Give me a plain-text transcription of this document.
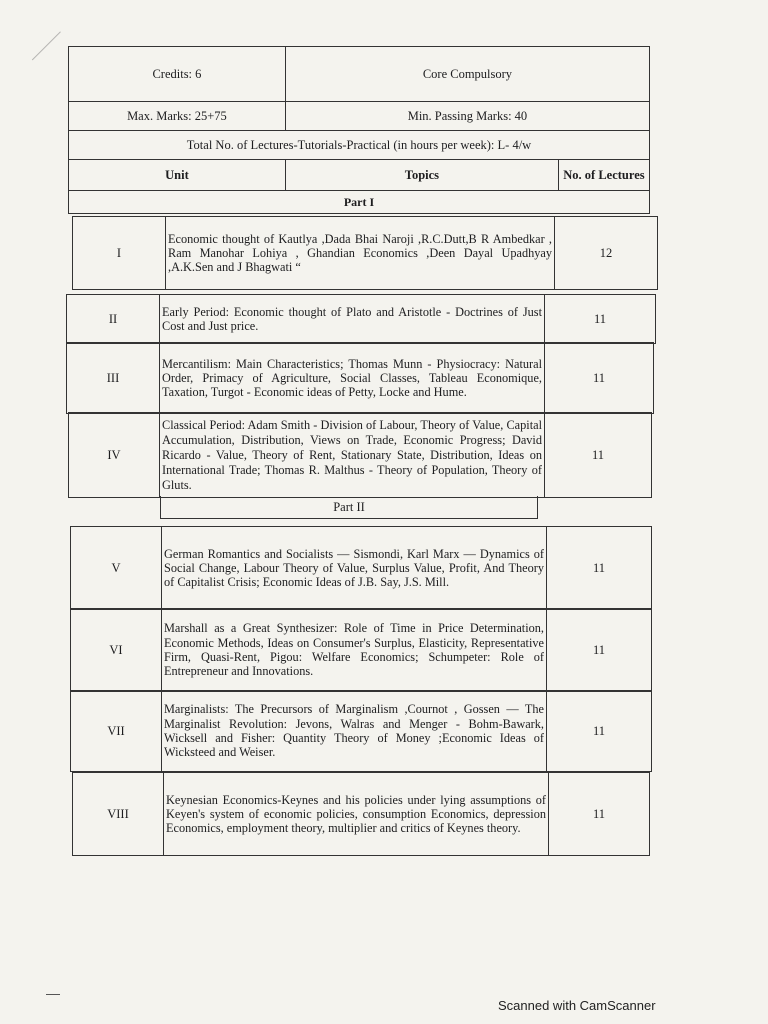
Credits: 6	Core Compulsory	
Max. Marks: 25+75	Min. Passing Marks: 40	
Total No. of Lectures-Tutorials-Practical (in hours per week): L- 4/w		
Unit	Topics	No. of Lectures
Part I		
I	Economic thought of Kautlya ,Dada Bhai Naroji ,R.C.Dutt,B R Ambedkar , Ram Manohar Lohiya , Ghandian Economics ,Deen Dayal Upadhyay ,A.K.Sen and J Bhagwati “	12
II	Early Period: Economic thought of Plato and Aristotle - Doctrines of Just Cost and Just price.	11
III	Mercantilism: Main Characteristics; Thomas Munn - Physiocracy: Natural Order, Primacy of Agriculture, Social Classes, Tableau Economique, Taxation, Turgot - Economic ideas of Petty, Locke and Hume.	11
IV	Classical Period: Adam Smith - Division of Labour, Theory of Value, Capital Accumulation, Distribution, Views on Trade, Economic Progress; David Ricardo - Value, Theory of Rent, Stationary State, Distribution, Ideas on International Trade; Thomas R. Malthus - Theory of Population, Theory of Gluts.	11
Part II
V	German Romantics and Socialists — Sismondi, Karl Marx — Dynamics of Social Change, Labour Theory of Value, Surplus Value, Profit, And Theory of Capitalist Crisis; Economic Ideas of J.B. Say, J.S. Mill.	11
VI	Marshall as a Great Synthesizer: Role of Time in Price Determination, Economic Methods, Ideas on Consumer's Surplus, Elasticity, Representative Firm, Quasi-Rent, Pigou: Welfare Economics; Schumpeter: Role of Entrepreneur and Innovations.	11
VII	Marginalists: The Precursors of Marginalism ,Cournot , Gossen — The Marginalist Revolution: Jevons, Walras and Menger - Bohm-Bawark, Wicksell and Fisher: Quantity Theory of Money ;Economic Ideas of Wicksteed and Weiser.	11
VIII	Keynesian Economics-Keynes and his policies under lying assumptions of Keyen's system of economic policies, consumption Economics, depression Economics, employment theory, multiplier and critics of Keynes theory.	11
Scanned with CamScanner
